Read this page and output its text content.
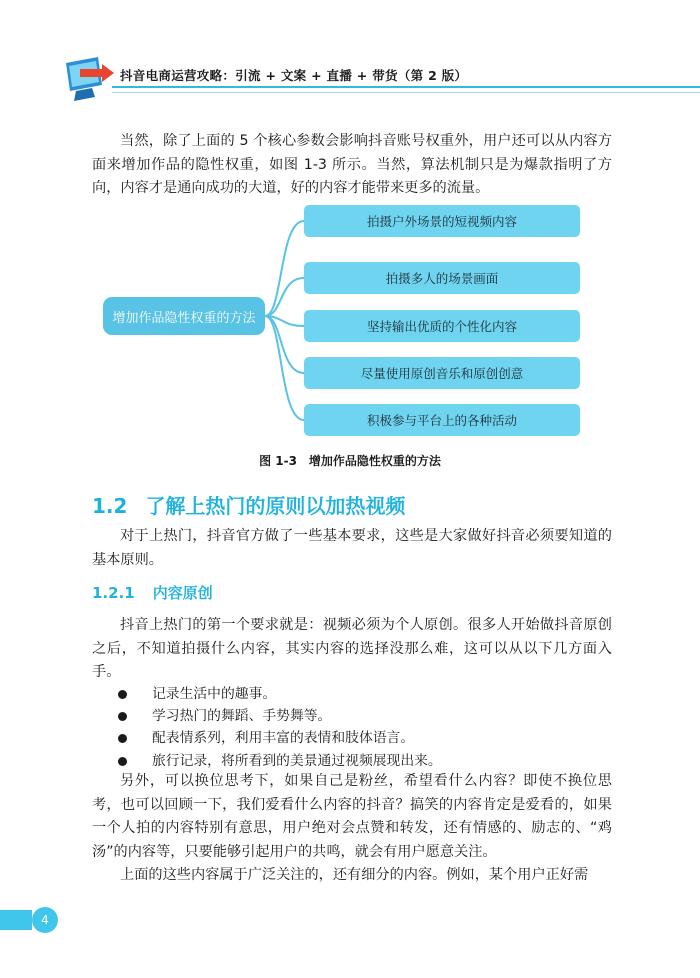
抖音电商运营攻略：引流 + 文案 + 直播 + 带货（第 2 版）

当然，除了上面的 5 个核心参数会影响抖音账号权重外，用户还可以从内容方面来增加作品的隐性权重，如图 1-3 所示。当然，算法机制只是为爆款指明了方向，内容才是通向成功的大道，好的内容才能带来更多的流量。

增加作品隐性权重的方法
拍摄户外场景的短视频内容
拍摄多人的场景画面
坚持输出优质的个性化内容
尽量使用原创音乐和原创创意
积极参与平台上的各种活动
图 1-3　增加作品隐性权重的方法
1.2 了解上热门的原则以加热视频

对于上热门，抖音官方做了一些基本要求，这些是大家做好抖音必须要知道的基本原则。

1.2.1 内容原创

抖音上热门的第一个要求就是：视频必须为个人原创。很多人开始做抖音原创之后，不知道拍摄什么内容，其实内容的选择没那么难，这可以从以下几方面入手。

记录生活中的趣事。
学习热门的舞蹈、手势舞等。
配表情系列，利用丰富的表情和肢体语言。
旅行记录，将所看到的美景通过视频展现出来。

另外，可以换位思考下，如果自己是粉丝，希望看什么内容？即使不换位思考，也可以回顾一下，我们爱看什么内容的抖音？搞笑的内容肯定是爱看的，如果一个人拍的内容特别有意思，用户绝对会点赞和转发，还有情感的、励志的、“鸡汤”的内容等，只要能够引起用户的共鸣，就会有用户愿意关注。

上面的这些内容属于广泛关注的，还有细分的内容。例如，某个用户正好需

4
